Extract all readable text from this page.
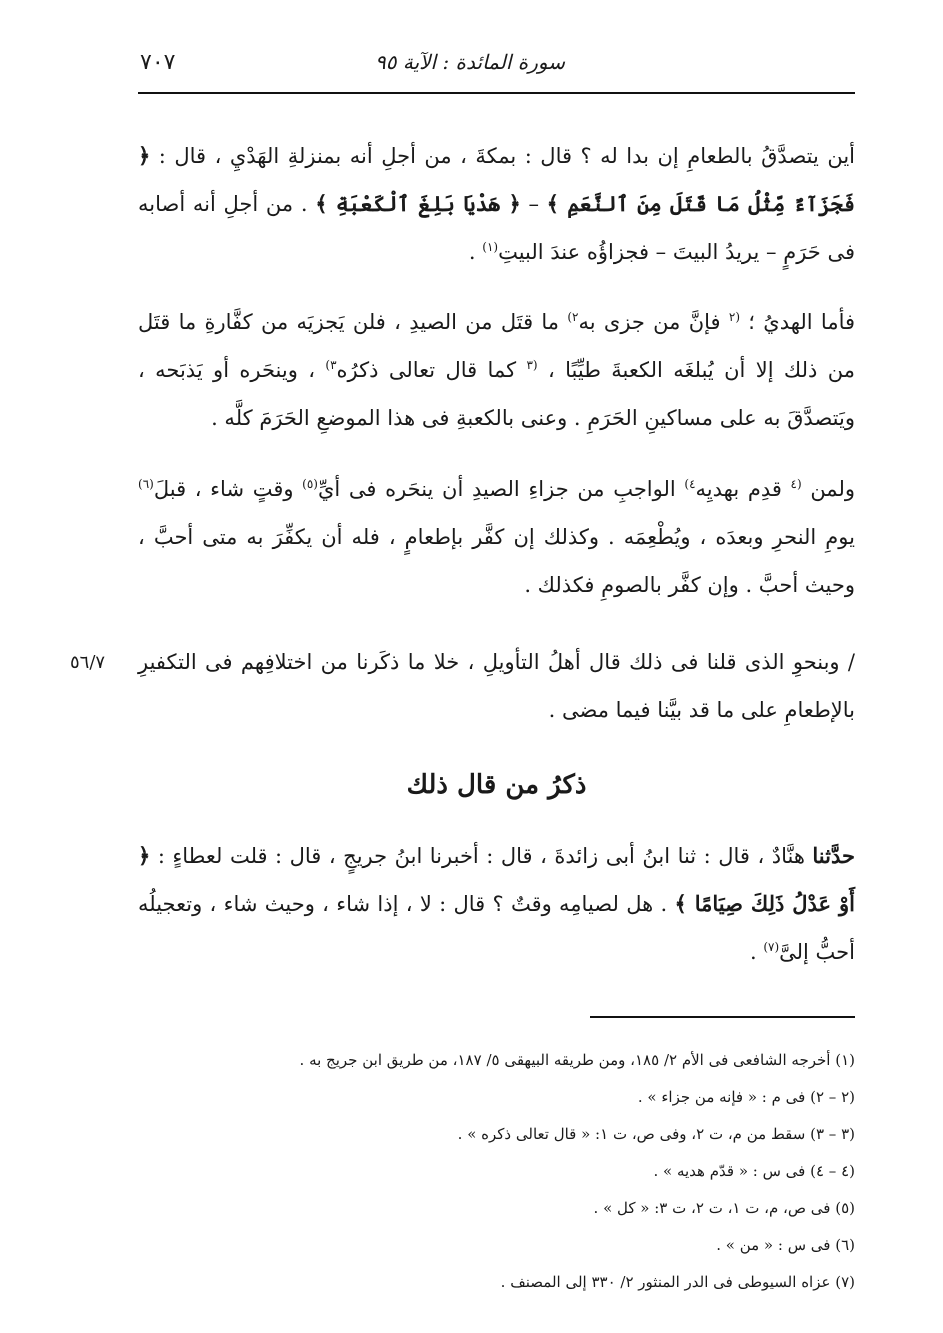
سورة المائدة : الآية ٩٥
٧٠٧

أين يتصدَّقُ بالطعامِ إن بدا له ؟ قال : بمكةَ ، من أجلِ أنه بمنزلةِ الهَدْيِ ، قال : ﴿ فَجَزَآءٌ مِّثْلُ مَا قَتَلَ مِنَ ٱلنَّعَمِ ﴾ – ﴿ هَدْيَا بَلِغَ ٱلْكَعْبَةِ ﴾ . من أجلِ أنه أصابه فى حَرَمٍ – يريدُ البيتَ – فجزاؤُه عندَ البيتِ$^{(١)}$ .

فأما الهديُ ؛ $^{(٢}$ فإنَّ من جزى به$^{٢)}$ ما قتَل من الصيدِ ، فلن يَجزيَه من كفَّارةِ ما قتَل من ذلك إلا أن يُبلغَه الكعبةَ طيِّبًا ، $^{(٣}$ كما قال تعالى ذكرُه$^{٣)}$ ، وينحَره أو يَذبَحه ، ويَتصدَّقَ به على مساكينِ الحَرَمِ . وعنى بالكعبةِ فى هذا الموضعِ الحَرَمَ كلَّه .

ولمن $^{(٤}$ قدِم بهديِه$^{٤)}$ الواجبِ من جزاءِ الصيدِ أن ينحَره فى أيِّ$^{(٥)}$ وقتٍ شاء ، قبلَ$^{(٦)}$ يومِ النحرِ وبعدَه ، ويُطْعِمَه . وكذلك إن كفَّر بإطعامٍ ، فله أن يكفِّرَ به متى أحبَّ ، وحيث أحبَّ . وإن كفَّر بالصومِ فكذلك .

/ وبنحوِ الذى قلنا فى ذلك قال أهلُ التأويلِ ، خلا ما ذكَرنا من اختلافِهم فى التكفيرِ بالإطعامِ على ما قد بيَّنا فيما مضى .

٥٦/٧
ذكرُ من قال ذلك

حدَّثنا هنَّادٌ ، قال : ثنا ابنُ أبى زائدةَ ، قال : أخبرنا ابنُ جريجٍ ، قال : قلت لعطاءٍ : ﴿ أَوْ عَدْلُ ذَلِكَ صِيَامًا ﴾ . هل لصيامِه وقتٌ ؟ قال : لا ، إذا شاء ، وحيث شاء ، وتعجيلُه أحبُّ إلىَّ$^{(٧)}$ .

(١) أخرجه الشافعى فى الأم ٢/ ١٨٥، ومن طريقه البيهقى ٥/ ١٨٧، من طريق ابن جريج به .

(٢ – ٢) فى م : « فإنه من جزاء » .

(٣ – ٣) سقط من م، ت ٢، وفى ص، ت ١: « قال تعالى ذكره » .

(٤ – ٤) فى س : « قدّم هديه » .

(٥) فى ص، م، ت ١، ت ٢، ت ٣: « كل » .

(٦) فى س : « من » .

(٧) عزاه السيوطى فى الدر المنثور ٢/ ٣٣٠ إلى المصنف .
